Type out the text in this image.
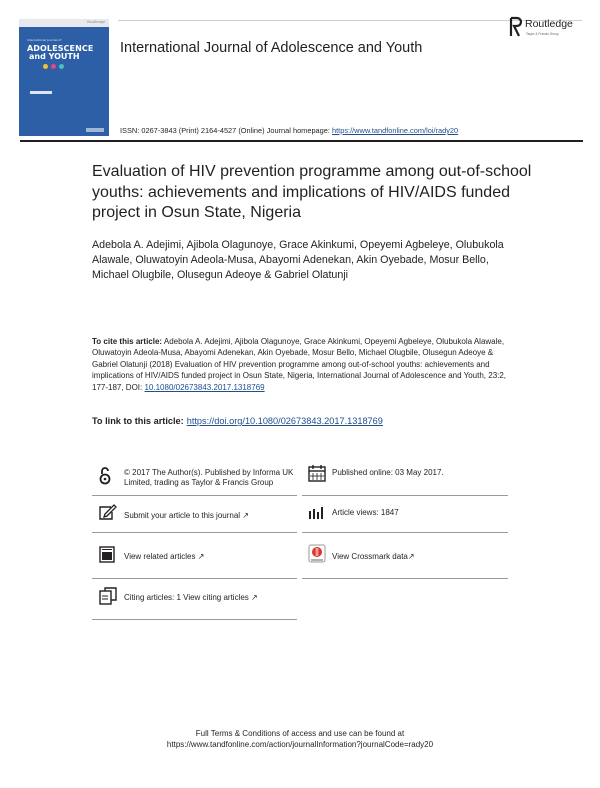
Routledge
International Journal of
ADOLESCENCE
and YOUTH
International Journal of Adolescence and Youth
Routledge
Taylor & Francis Group
ISSN: 0267-3843 (Print) 2164-4527 (Online) Journal homepage: https://www.tandfonline.com/loi/rady20
Evaluation of HIV prevention programme among out-of-school youths: achievements and implications of HIV/AIDS funded project in Osun State, Nigeria
Adebola A. Adejimi, Ajibola Olagunoye, Grace Akinkumi, Opeyemi Agbeleye, Olubukola Alawale, Oluwatoyin Adeola-Musa, Abayomi Adenekan, Akin Oyebade, Mosur Bello, Michael Olugbile, Olusegun Adeoye & Gabriel Olatunji
To cite this article: Adebola A. Adejimi, Ajibola Olagunoye, Grace Akinkumi, Opeyemi Agbeleye, Olubukola Alawale, Oluwatoyin Adeola-Musa, Abayomi Adenekan, Akin Oyebade, Mosur Bello, Michael Olugbile, Olusegun Adeoye & Gabriel Olatunji (2018) Evaluation of HIV prevention programme among out-of-school youths: achievements and implications of HIV/AIDS funded project in Osun State, Nigeria, International Journal of Adolescence and Youth, 23:2, 177-187, DOI: 10.1080/02673843.2017.1318769
To link to this article: https://doi.org/10.1080/02673843.2017.1318769
© 2017 The Author(s). Published by Informa UK Limited, trading as Taylor & Francis Group
Published online: 03 May 2017.
Submit your article to this journal ↗	Article views: 1847
View related articles ↗	View Crossmark data↗
Citing articles: 1 View citing articles ↗
Full Terms & Conditions of access and use can be found at
https://www.tandfonline.com/action/journalInformation?journalCode=rady20
